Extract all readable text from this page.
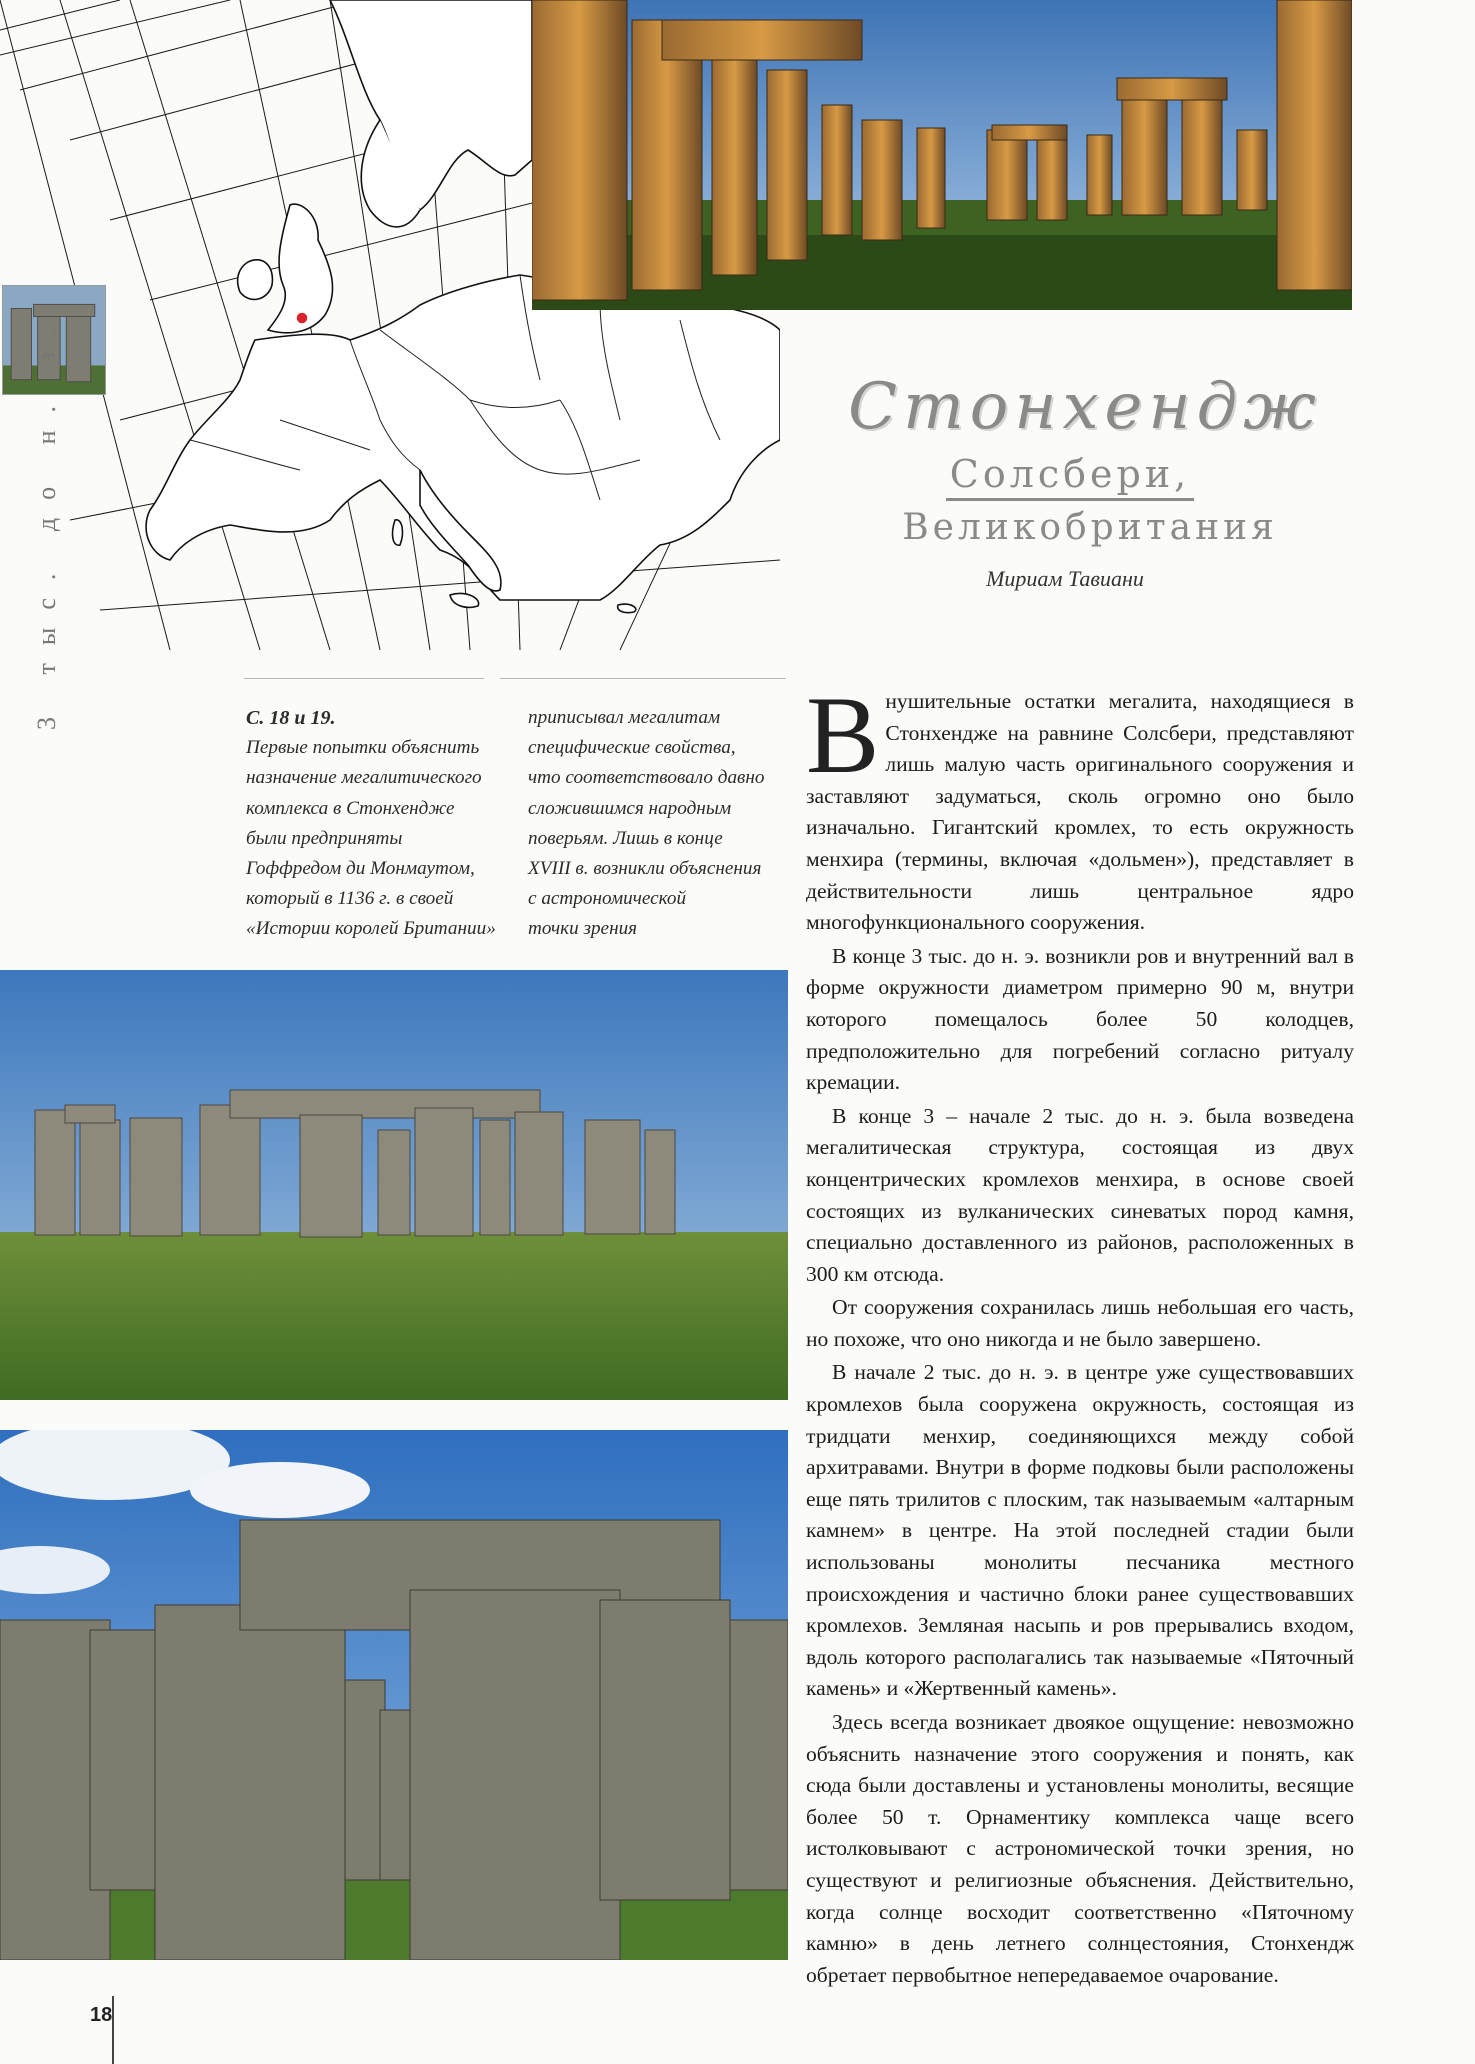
3 тыс. до н. э.	Стонхендж
Солсбери,
Великобритания
Мириам Тавиани

С. 18 и 19.

Первые попытки объяснить

назначение мегалитического

комплекса в Стонхендже

были предприняты

Гоффредом ди Монмаутом,

который в 1136 г. в своей

«Истории королей Британии»

приписывал мегалитам

специфические свойства,

что соответствовало давно

сложившимся народным

поверьям. Лишь в конце

XVIII в. возникли объяснения

с астрономической

точки зрения

Внушительные остатки мегалита, находящиеся в Стонхендже на равнине Солсбери, представляют лишь малую часть оригинального сооружения и заставляют задуматься, сколь огромно оно было изначально. Гигантский кромлех, то есть окружность менхира (термины, включая «дольмен»), представляет в действительности лишь центральное ядро многофункционального сооружения.

В конце 3 тыс. до н. э. возникли ров и внутренний вал в форме окружности диаметром примерно 90 м, внутри которого помещалось более 50 колодцев, предположительно для погребений согласно ритуалу кремации.

В конце 3 – начале 2 тыс. до н. э. была возведена мегалитическая структура, состоящая из двух концентрических кромлехов менхира, в основе своей состоящих из вулканических синеватых пород камня, специально доставленного из районов, расположенных в 300 км отсюда.

От сооружения сохранилась лишь небольшая его часть, но похоже, что оно никогда и не было завершено.

В начале 2 тыс. до н. э. в центре уже существовавших кромлехов была сооружена окружность, состоящая из тридцати менхир, соединяющихся между собой архитравами. Внутри в форме подковы были расположены еще пять трилитов с плоским, так называемым «алтарным камнем» в центре. На этой последней стадии были использованы монолиты песчаника местного происхождения и частично блоки ранее существовавших кромлехов. Земляная насыпь и ров прерывались входом, вдоль которого располагались так называемые «Пяточный камень» и «Жертвенный камень».

Здесь всегда возникает двоякое ощущение: невозможно объяснить назначение этого сооружения и понять, как сюда были доставлены и установлены монолиты, весящие более 50 т. Орнаментику комплекса чаще всего истолковывают с астрономической точки зрения, но существуют и религиозные объяснения. Действительно, когда солнце восходит соответственно «Пяточному камню» в день летнего солнцестояния, Стонхендж обретает первобытное непередаваемое очарование.

18
